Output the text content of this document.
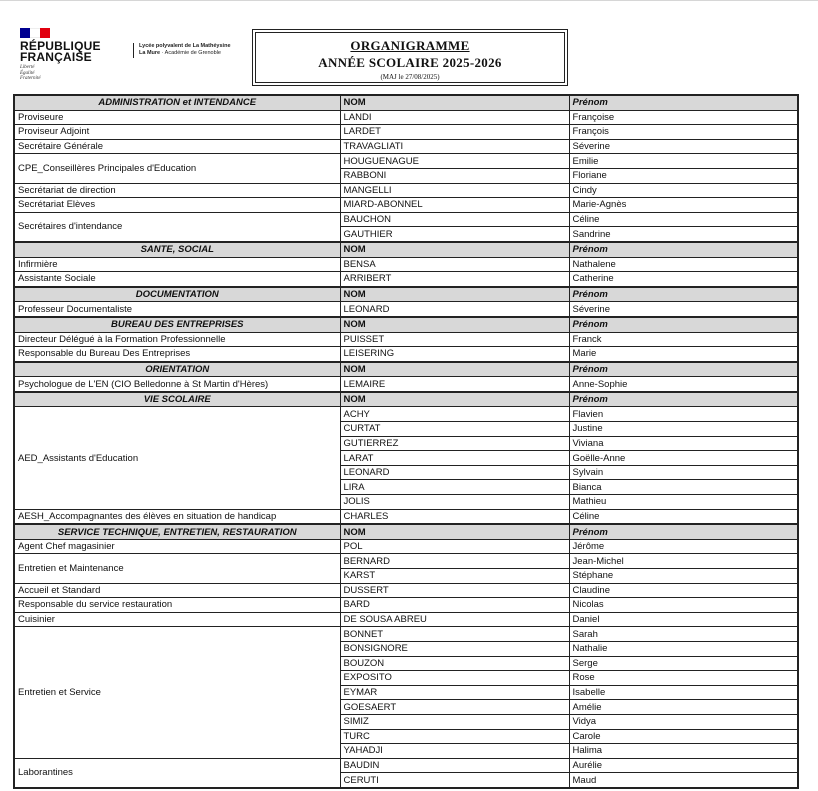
RÉPUBLIQUE
FRANÇAISE
Liberté
Égalité
Fraternité
Lycée polyvalent de La Mathéysine
La Mure · Académie de Grenoble	ORGANIGRAMME
ANNÉE SCOLAIRE 2025-2026
(MAJ le 27/08/2025)
ADMINISTRATION et INTENDANCE	NOM	Prénom
Proviseure	LANDI	Françoise
Proviseur Adjoint	LARDET	François
Secrétaire Générale	TRAVAGLIATI	Séverine
CPE_Conseillères Principales d'Education	HOUGUENAGUE	Emilie
	RABBONI	Floriane
Secrétariat de direction	MANGELLI	Cindy
Secrétariat Elèves	MIARD-ABONNEL	Marie-Agnès
Secrétaires d'intendance	BAUCHON	Céline
	GAUTHIER	Sandrine
SANTE, SOCIAL	NOM	Prénom
Infirmière	BENSA	Nathalene
Assistante Sociale	ARRIBERT	Catherine
DOCUMENTATION	NOM	Prénom
Professeur Documentaliste	LEONARD	Séverine
BUREAU DES ENTREPRISES	NOM	Prénom
Directeur Délégué à la Formation Professionnelle	PUISSET	Franck
Responsable du Bureau Des Entreprises	LEISERING	Marie
ORIENTATION	NOM	Prénom
Psychologue de L'EN (CIO Belledonne à St Martin d'Hères)	LEMAIRE	Anne-Sophie
VIE SCOLAIRE	NOM	Prénom
AED_Assistants d'Education	ACHY	Flavien
	CURTAT	Justine
	GUTIERREZ	Viviana
	LARAT	Goëlle-Anne
	LEONARD	Sylvain
	LIRA	Bianca
	JOLIS	Mathieu
AESH_Accompagnantes des élèves en situation de handicap	CHARLES	Céline
SERVICE TECHNIQUE, ENTRETIEN, RESTAURATION	NOM	Prénom
Agent Chef magasinier	POL	Jérôme
Entretien et Maintenance	BERNARD	Jean-Michel
	KARST	Stéphane
Accueil et Standard	DUSSERT	Claudine
Responsable du service restauration	BARD	Nicolas
Cuisinier	DE SOUSA ABREU	Daniel
Entretien et Service	BONNET	Sarah
	BONSIGNORE	Nathalie
	BOUZON	Serge
	EXPOSITO	Rose
	EYMAR	Isabelle
	GOESAERT	Amélie
	SIMIZ	Vidya
	TURC	Carole
	YAHADJI	Halima
Laborantines	BAUDIN	Aurélie
	CERUTI	Maud
